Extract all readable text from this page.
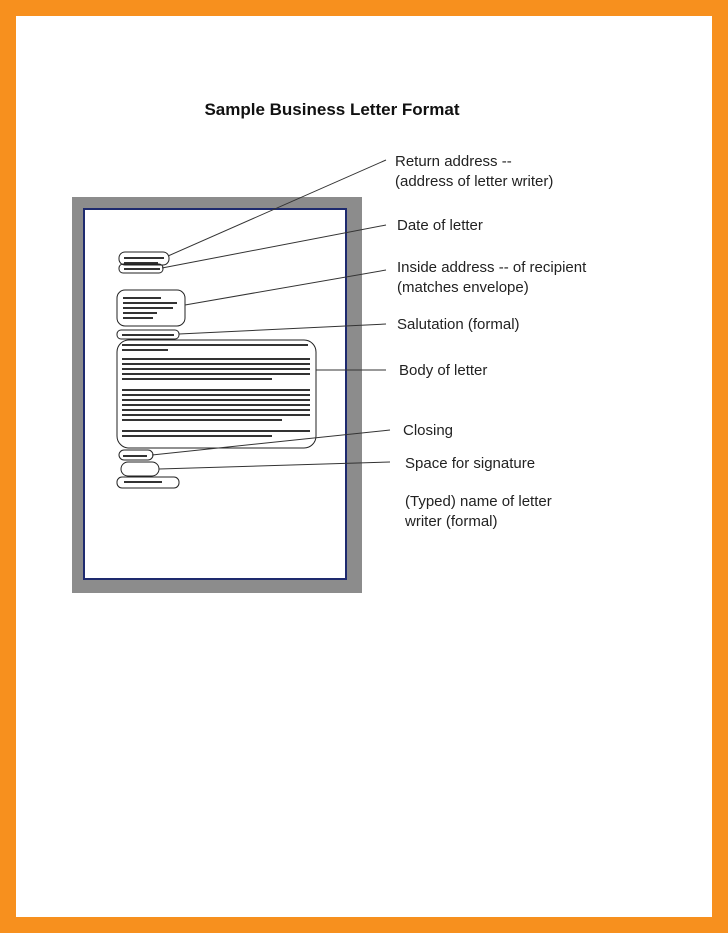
Sample Business Letter Format
Return address --
(address of letter writer)
Date of letter
Inside address -- of recipient
(matches envelope)
Salutation (formal)
Body of letter
Closing
Space for signature
(Typed) name of letter
writer (formal)
